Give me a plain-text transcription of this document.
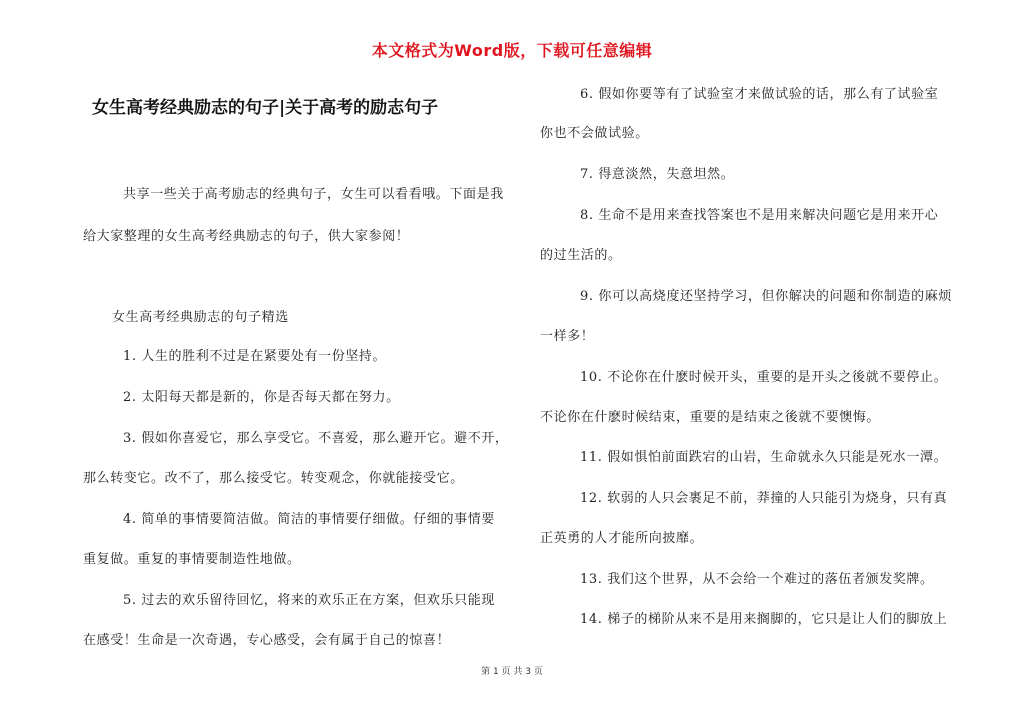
本文格式为Word版，下载可任意编辑
女生高考经典励志的句子|关于高考的励志句子
共享一些关于高考励志的经典句子，女生可以看看哦。下面是我
给大家整理的女生高考经典励志的句子，供大家参阅！
女生高考经典励志的句子精选
1. 人生的胜利不过是在紧要处有一份坚持。
2. 太阳每天都是新的，你是否每天都在努力。
3. 假如你喜爱它，那么享受它。不喜爱，那么避开它。避不开，
那么转变它。改不了，那么接受它。转变观念，你就能接受它。
4. 简单的事情要简洁做。简洁的事情要仔细做。仔细的事情要
重复做。重复的事情要制造性地做。
5. 过去的欢乐留待回忆，将来的欢乐正在方案，但欢乐只能现
在感受！生命是一次奇遇，专心感受，会有属于自己的惊喜！
6. 假如你要等有了试验室才来做试验的话，那么有了试验室
你也不会做试验。
7. 得意淡然，失意坦然。
8. 生命不是用来查找答案也不是用来解决问题它是用来开心
的过生活的。
9. 你可以高烧度还坚持学习，但你解决的问题和你制造的麻烦
一样多！
10. 不论你在什麽时候开头，重要的是开头之後就不要停止。
不论你在什麽时候结束，重要的是结束之後就不要懊悔。
11. 假如惧怕前面跌宕的山岩，生命就永久只能是死水一潭。
12. 软弱的人只会裹足不前，莽撞的人只能引为烧身，只有真
正英勇的人才能所向披靡。
13. 我们这个世界，从不会给一个难过的落伍者颁发奖牌。
14. 梯子的梯阶从来不是用来搁脚的，它只是让人们的脚放上
第 1 页 共 3 页
